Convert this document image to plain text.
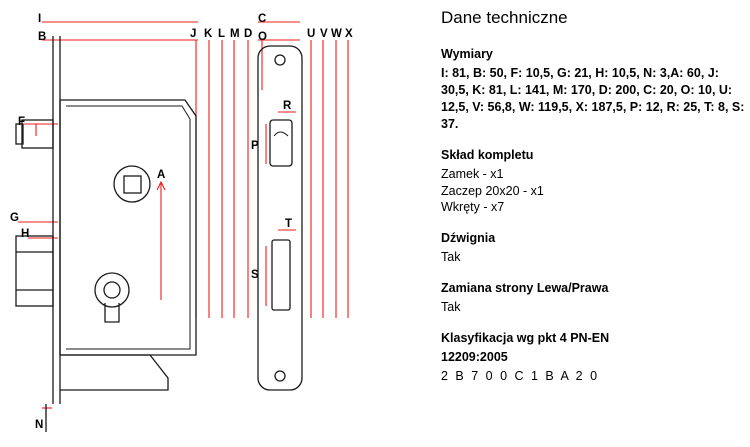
I
B	J K L M D
C
O	U V W X
F
A
R
P
G
H
T
S
N
Dane techniczne

Wymiary

I: 81, B: 50, F: 10,5, G: 21, H: 10,5, N: 3,A: 60, J: 30,5, K: 81, L: 141, M: 170, D: 200, C: 20, O: 10, U: 12,5, V: 56,8, W: 119,5, X: 187,5, P: 12, R: 25, T: 8, S: 37.

Skład kompletu

Zamek - x1

Zaczep 20x20 - x1

Wkręty - x7

Dźwignia

Tak

Zamiana strony Lewa/Prawa

Tak

Klasyfikacja wg pkt 4 PN-EN

12209:2005

2 B 7 0 0 C 1 B A 2 0
